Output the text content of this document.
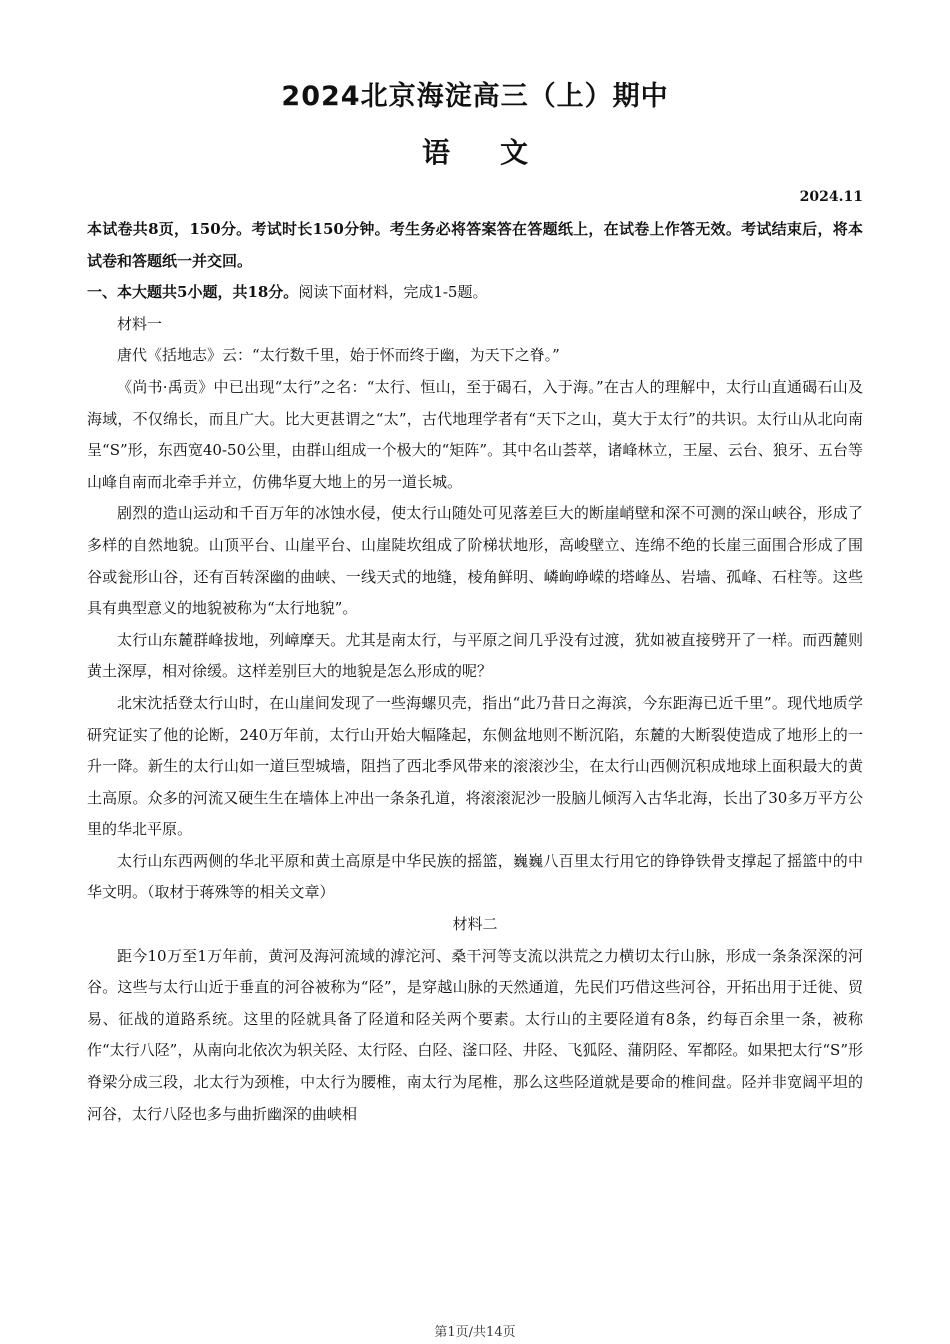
2024北京海淀高三（上）期中
语文
2024.11

本试卷共8页，150分。考试时长150分钟。考生务必将答案答在答题纸上，在试卷上作答无效。考试结束后，将本试卷和答题纸一并交回。

一、本大题共5小题，共18分。阅读下面材料，完成1-5题。

材料一

唐代《括地志》云：“太行数千里，始于怀而终于幽，为天下之脊。”

《尚书·禹贡》中已出现“太行”之名：“太行、恒山，至于碣石，入于海。”在古人的理解中，太行山直通碣石山及海域，不仅绵长，而且广大。比大更甚谓之“太”，古代地理学者有“天下之山，莫大于太行”的共识。太行山从北向南呈“S”形，东西宽40-50公里，由群山组成一个极大的“矩阵”。其中名山荟萃，诸峰林立，王屋、云台、狼牙、五台等山峰自南而北牵手并立，仿佛华夏大地上的另一道长城。

剧烈的造山运动和千百万年的冰蚀水侵，使太行山随处可见落差巨大的断崖峭壁和深不可测的深山峡谷，形成了多样的自然地貌。山顶平台、山崖平台、山崖陡坎组成了阶梯状地形，高峻壁立、连绵不绝的长崖三面围合形成了围谷或瓮形山谷，还有百转深幽的曲峡、一线天式的地缝，棱角鲜明、嶙峋峥嵘的塔峰丛、岩墙、孤峰、石柱等。这些具有典型意义的地貌被称为“太行地貌”。

太行山东麓群峰拔地，列嶂摩天。尤其是南太行，与平原之间几乎没有过渡，犹如被直接劈开了一样。而西麓则黄土深厚，相对徐缓。这样差别巨大的地貌是怎么形成的呢？

北宋沈括登太行山时，在山崖间发现了一些海螺贝壳，指出“此乃昔日之海滨，今东距海已近千里”。现代地质学研究证实了他的论断，240万年前，太行山开始大幅隆起，东侧盆地则不断沉陷，东麓的大断裂使造成了地形上的一升一降。新生的太行山如一道巨型城墙，阻挡了西北季风带来的滚滚沙尘，在太行山西侧沉积成地球上面积最大的黄土高原。众多的河流又硬生生在墙体上冲出一条条孔道，将滚滚泥沙一股脑儿倾泻入古华北海，长出了30多万平方公里的华北平原。

太行山东西两侧的华北平原和黄土高原是中华民族的摇篮，巍巍八百里太行用它的铮铮铁骨支撑起了摇篮中的中华文明。（取材于蒋殊等的相关文章）

材料二

距今10万至1万年前，黄河及海河流域的滹沱河、桑干河等支流以洪荒之力横切太行山脉，形成一条条深深的河谷。这些与太行山近于垂直的河谷被称为“陉”，是穿越山脉的天然通道，先民们巧借这些河谷，开拓出用于迁徙、贸易、征战的道路系统。这里的陉就具备了陉道和陉关两个要素。太行山的主要陉道有8条，约每百余里一条，被称作“太行八陉”，从南向北依次为轵关陉、太行陉、白陉、滏口陉、井陉、飞狐陉、蒲阴陉、军都陉。如果把太行“S”形脊梁分成三段，北太行为颈椎，中太行为腰椎，南太行为尾椎，那么这些陉道就是要命的椎间盘。陉并非宽阔平坦的河谷，太行八陉也多与曲折幽深的曲峡相

第1页/共14页
